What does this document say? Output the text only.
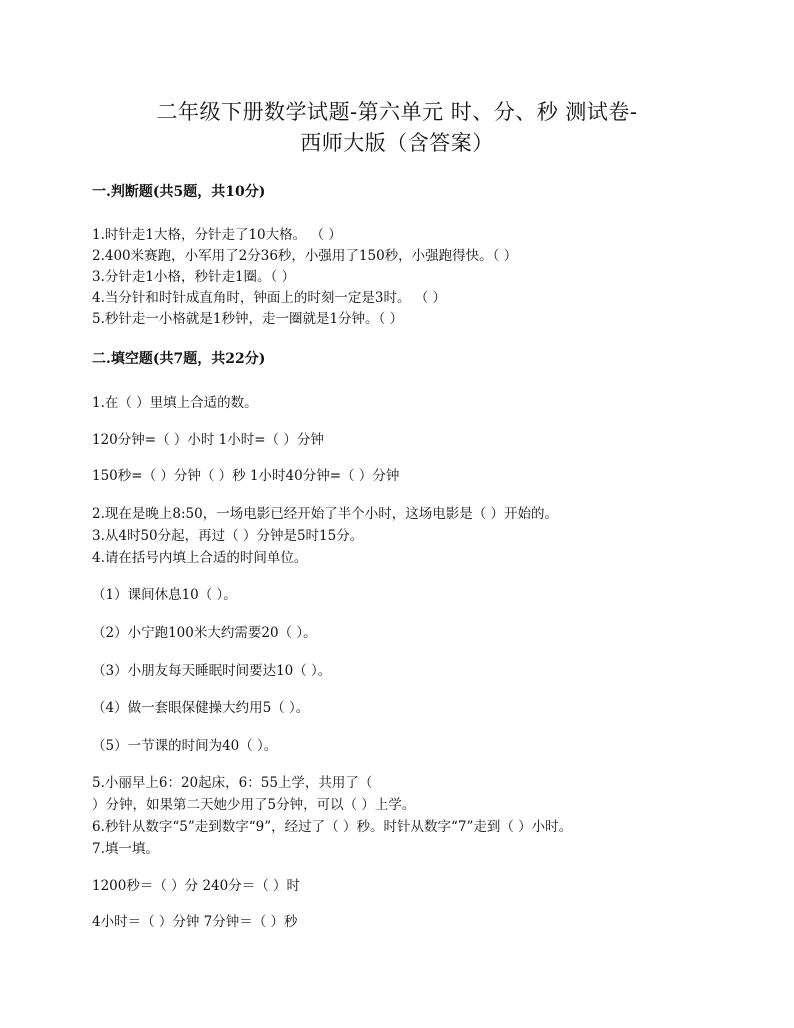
二年级下册数学试题-第六单元 时、分、秒 测试卷-
西师大版（含答案）
一.判断题(共5题，共10分)
1.时针走1大格，分针走了10大格。 （ ）
2.400米赛跑，小军用了2分36秒，小强用了150秒，小强跑得快。（ ）
3.分针走1小格，秒针走1圈。（ ）
4.当分针和时针成直角时，钟面上的时刻一定是3时。 （ ）
5.秒针走一小格就是1秒钟，走一圈就是1分钟。（ ）
二.填空题(共7题，共22分)
1.在（ ）里填上合适的数。
120分钟=（ ）小时 1小时=（ ）分钟
150秒=（ ）分钟（ ）秒 1小时40分钟=（ ）分钟
2.现在是晚上8:50，一场电影已经开始了半个小时，这场电影是（ ）开始的。
3.从4时50分起，再过（ ）分钟是5时15分。
4.请在括号内填上合适的时间单位。
（1）课间休息10（ ）。
（2）小宁跑100米大约需要20（ ）。
（3）小朋友每天睡眠时间要达10（ ）。
（4）做一套眼保健操大约用5（ ）。
（5）一节课的时间为40（ ）。
5.小丽早上6：20起床，6：55上学，共用了（
）分钟，如果第二天她少用了5分钟，可以（ ）上学。
6.秒针从数字“5”走到数字“9”，经过了（ ）秒。时针从数字“7”走到（ ）小时。
7.填一填。
1200秒＝（ ）分 240分＝（ ）时
4小时＝（ ）分钟 7分钟＝（ ）秒
